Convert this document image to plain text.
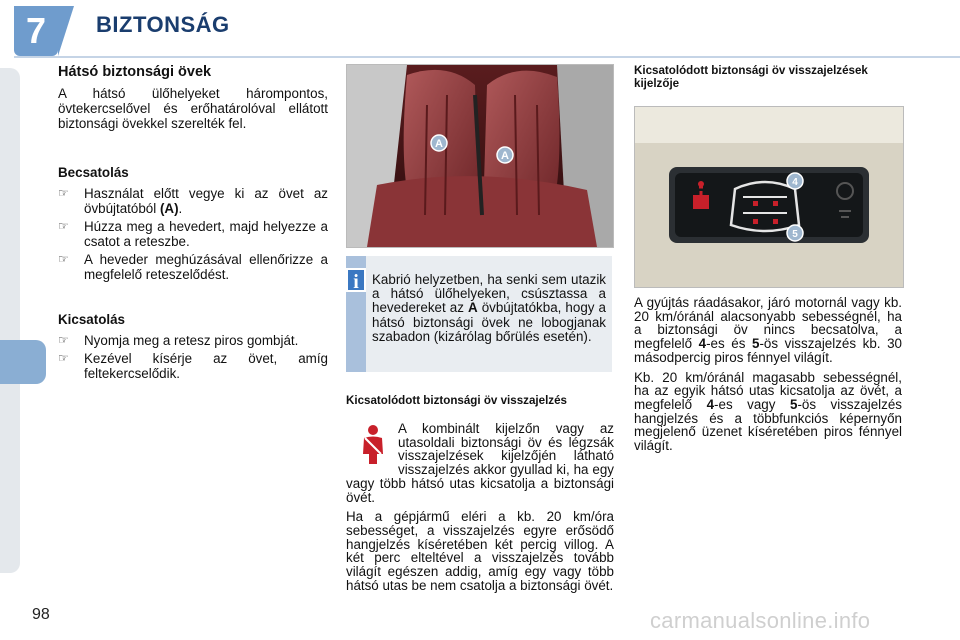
7	BIZTONSÁG
Hátsó biztonsági övek

A hátsó ülőhelyeket hárompontos, övtekercselővel és erőhatárolóval ellátott biztonsági övekkel szerelték fel.

Becsatolás
☞ Használat előtt vegye ki az övet az övbújtatóból (A).
☞ Húzza meg a hevedert, majd helyezze a csatot a reteszbe.
☞ A heveder meghúzásával ellenőrizze a megfelelő reteszelődést.
Kicsatolás
☞ Nyomja meg a retesz piros gombját.
☞ Kezével kísérje az övet, amíg feltekercselődik.
A
A
i Kabrió helyzetben, ha senki sem utazik a hátsó ülőhelyeken, csúsztassa a hevedereket az A övbújtatókba, hogy a hátsó biztonsági övek ne lobogjanak szabadon (kizárólag bőrülés esetén).
Kicsatolódott biztonsági öv visszajelzés

A kombinált kijelzőn vagy az utasoldali biztonsági öv és légzsák visszajelzések kijelzőjén látható visszajelzés akkor gyullad ki, ha egy vagy több hátsó utas kicsatolja a biztonsági övét.

Ha a gépjármű eléri a kb. 20 km/óra sebességet, a visszajelzés egyre erősödő hangjelzés kíséretében két percig villog. A két perc elteltével a visszajelzés tovább világít egészen addig, amíg egy vagy több hátsó utas be nem csatolja a biztonsági övét.

Kicsatolódott biztonsági öv visszajelzések kijelzője
4
5

A gyújtás ráadásakor, járó motornál vagy kb. 20 km/óránál alacsonyabb sebességnél, ha a biztonsági öv nincs becsatolva, a megfelelő 4-es és 5-ös visszajelzés kb. 30 másodpercig piros fénnyel világít.

Kb. 20 km/óránál magasabb sebességnél, ha az egyik hátsó utas kicsatolja az övét, a megfelelő 4-es vagy 5-ös visszajelzés hangjelzés és a többfunkciós képernyőn megjelenő üzenet kíséretében piros fénnyel világít.

98	carmanualsonline.info
